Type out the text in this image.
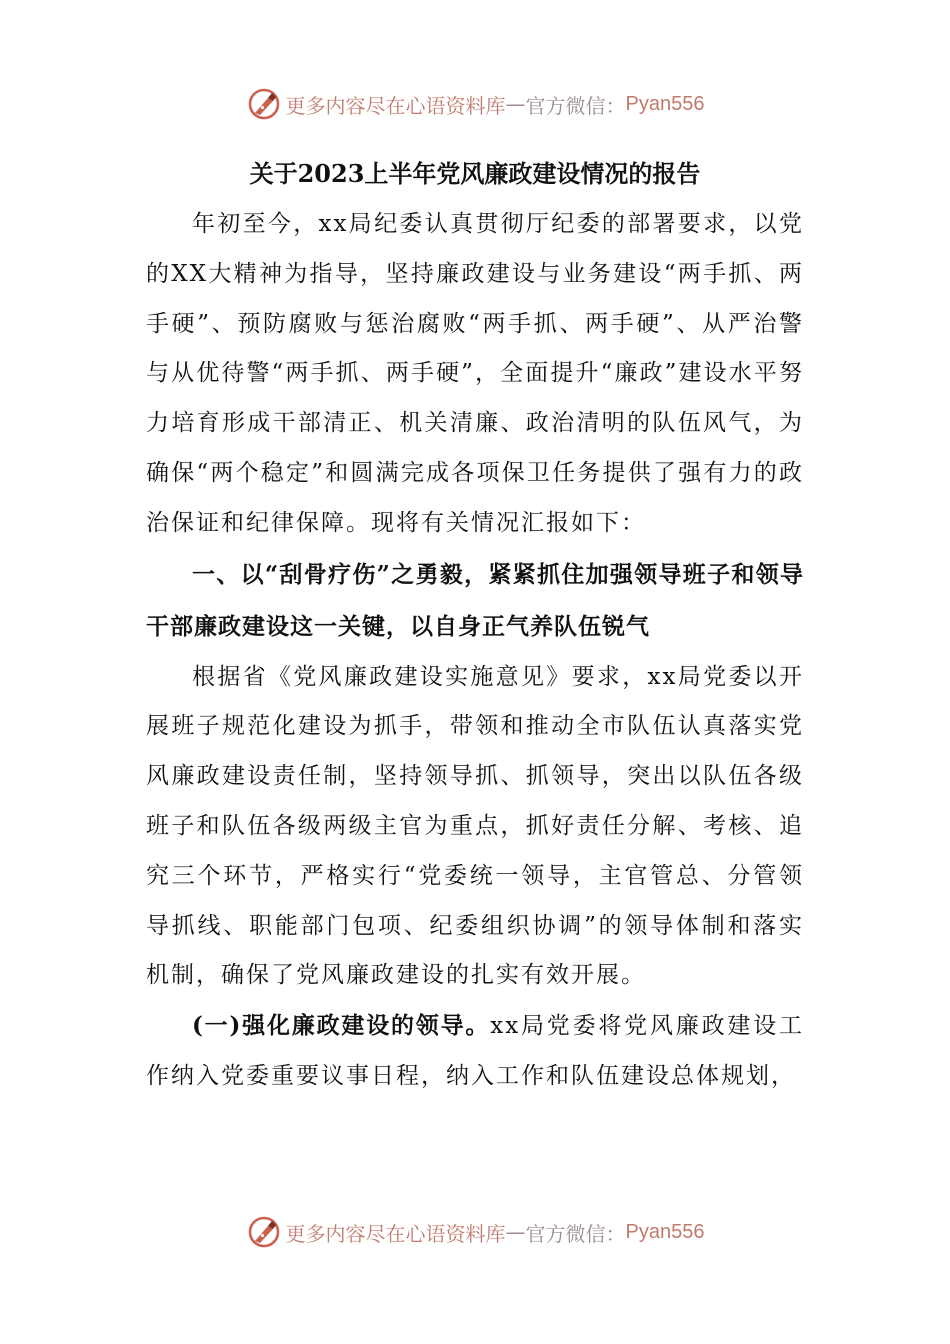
更多内容尽在心语资料库 — 官方微信： Pyan556
关于2023上半年党风廉政建设情况的报告

年初至今，xx局纪委认真贯彻厅纪委的部署要求，以党的XX大精神为指导，坚持廉政建设与业务建设“两手抓、两手硬”、预防腐败与惩治腐败“两手抓、两手硬”、从严治警与从优待警“两手抓、两手硬”，全面提升“廉政”建设水平努力培育形成干部清正、机关清廉、政治清明的队伍风气，为确保“两个稳定”和圆满完成各项保卫任务提供了强有力的政治保证和纪律保障。现将有关情况汇报如下：

一、以“刮骨疗伤”之勇毅，紧紧抓住加强领导班子和领导干部廉政建设这一关键，以自身正气养队伍锐气

根据省《党风廉政建设实施意见》要求，xx局党委以开展班子规范化建设为抓手，带领和推动全市队伍认真落实党风廉政建设责任制，坚持领导抓、抓领导，突出以队伍各级班子和队伍各级两级主官为重点，抓好责任分解、考核、追究三个环节，严格实行“党委统一领导，主官管总、分管领导抓线、职能部门包项、纪委组织协调”的领导体制和落实机制，确保了党风廉政建设的扎实有效开展。

(一)强化廉政建设的领导。xx局党委将党风廉政建设工作纳入党委重要议事日程，纳入工作和队伍建设总体规划，

更多内容尽在心语资料库 — 官方微信： Pyan556
